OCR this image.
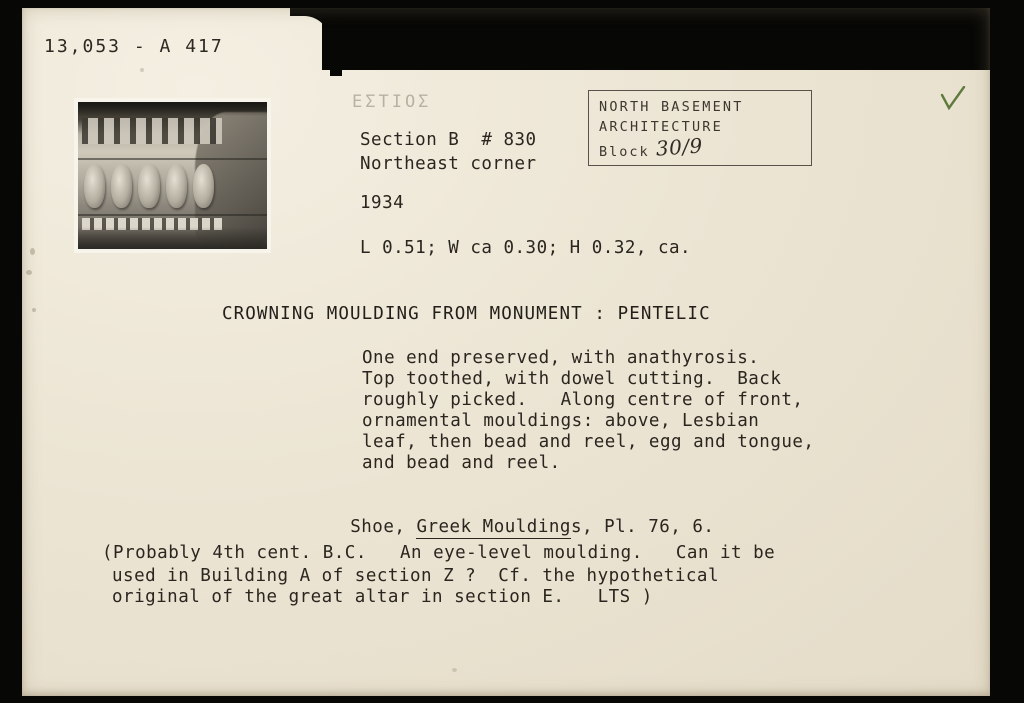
13,053 - A 417
ΕΣΤΙΟΣ	NORTH BASEMENT
ARCHITECTURE
Block 30/9
Section B  # 830
Northeast corner
1934
L 0.51; W ca 0.30; H 0.32, ca.
CROWNING MOULDING FROM MONUMENT : PENTELIC
One end preserved, with anathyrosis.
Top toothed, with dowel cutting.  Back
roughly picked.   Along centre of front,
ornamental mouldings: above, Lesbian
leaf, then bead and reel, egg and tongue,
and bead and reel.

Shoe, Greek Mouldings, Pl. 76, 6.

(Probably 4th cent. B.C.   An eye-level moulding.   Can it be
used in Building A of section Z ?  Cf. the hypothetical
original of the great altar in section E.   LTS )
